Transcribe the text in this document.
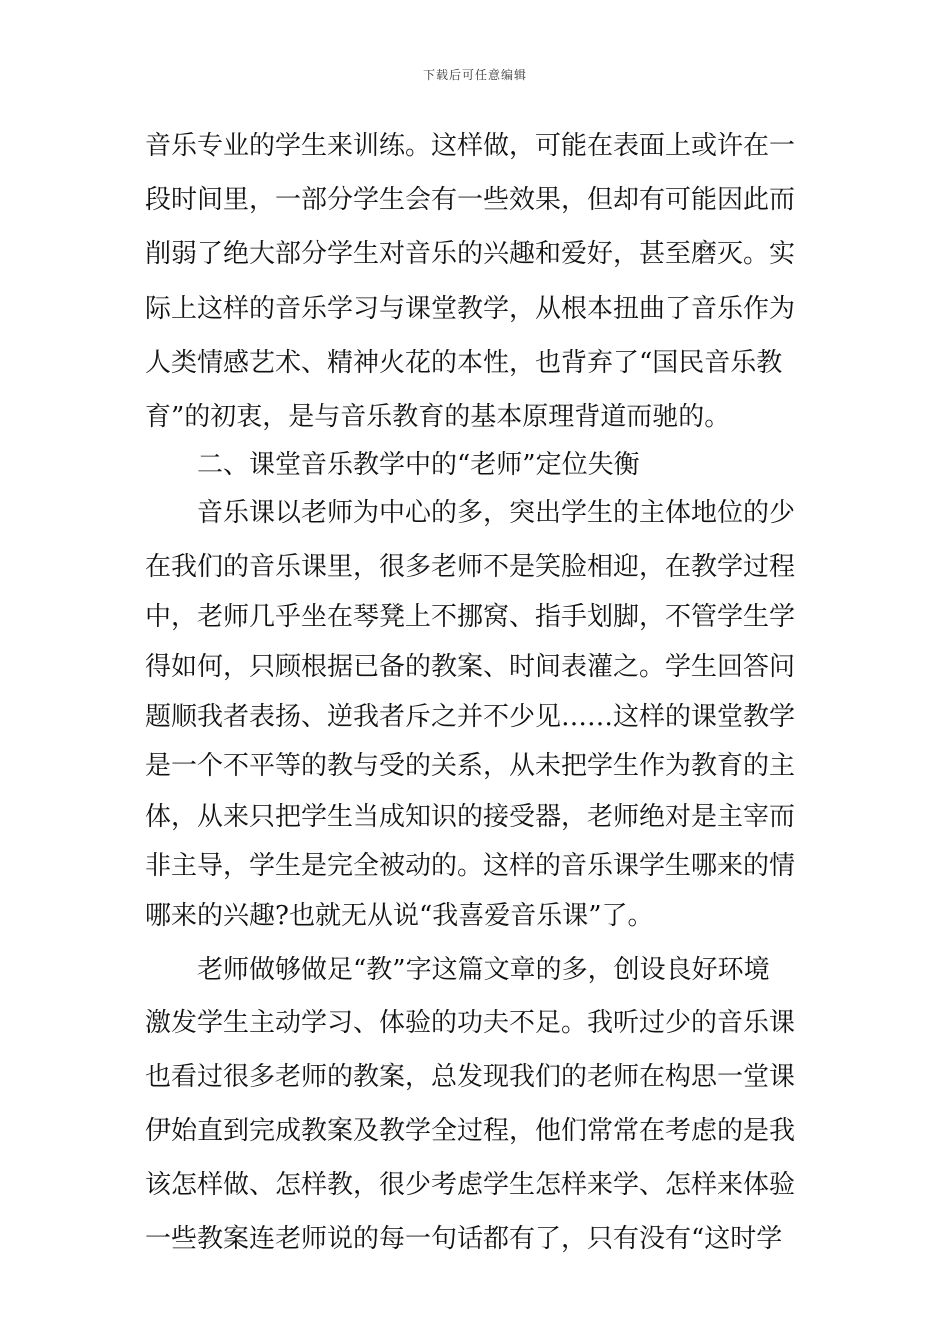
下载后可任意编辑
音乐专业的学生来训练。这样做，可能在表面上或许在一
段时间里，一部分学生会有一些效果，但却有可能因此而
削弱了绝大部分学生对音乐的兴趣和爱好，甚至磨灭。实
际上这样的音乐学习与课堂教学，从根本扭曲了音乐作为
人类情感艺术、精神火花的本性，也背弃了“国民音乐教
育”的初衷，是与音乐教育的基本原理背道而驰的。
二、课堂音乐教学中的“老师”定位失衡
音乐课以老师为中心的多，突出学生的主体地位的少
在我们的音乐课里，很多老师不是笑脸相迎，在教学过程
中，老师几乎坐在琴凳上不挪窝、指手划脚，不管学生学
得如何，只顾根据已备的教案、时间表灌之。学生回答问
题顺我者表扬、逆我者斥之并不少见……这样的课堂教学
是一个不平等的教与受的关系，从未把学生作为教育的主
体，从来只把学生当成知识的接受器，老师绝对是主宰而
非主导，学生是完全被动的。这样的音乐课学生哪来的情
哪来的兴趣?也就无从说“我喜爱音乐课”了。
老师做够做足“教”字这篇文章的多，创设良好环境
激发学生主动学习、体验的功夫不足。我听过少的音乐课
也看过很多老师的教案，总发现我们的老师在构思一堂课
伊始直到完成教案及教学全过程，他们常常在考虑的是我
该怎样做、怎样教，很少考虑学生怎样来学、怎样来体验
一些教案连老师说的每一句话都有了，只有没有“这时学
